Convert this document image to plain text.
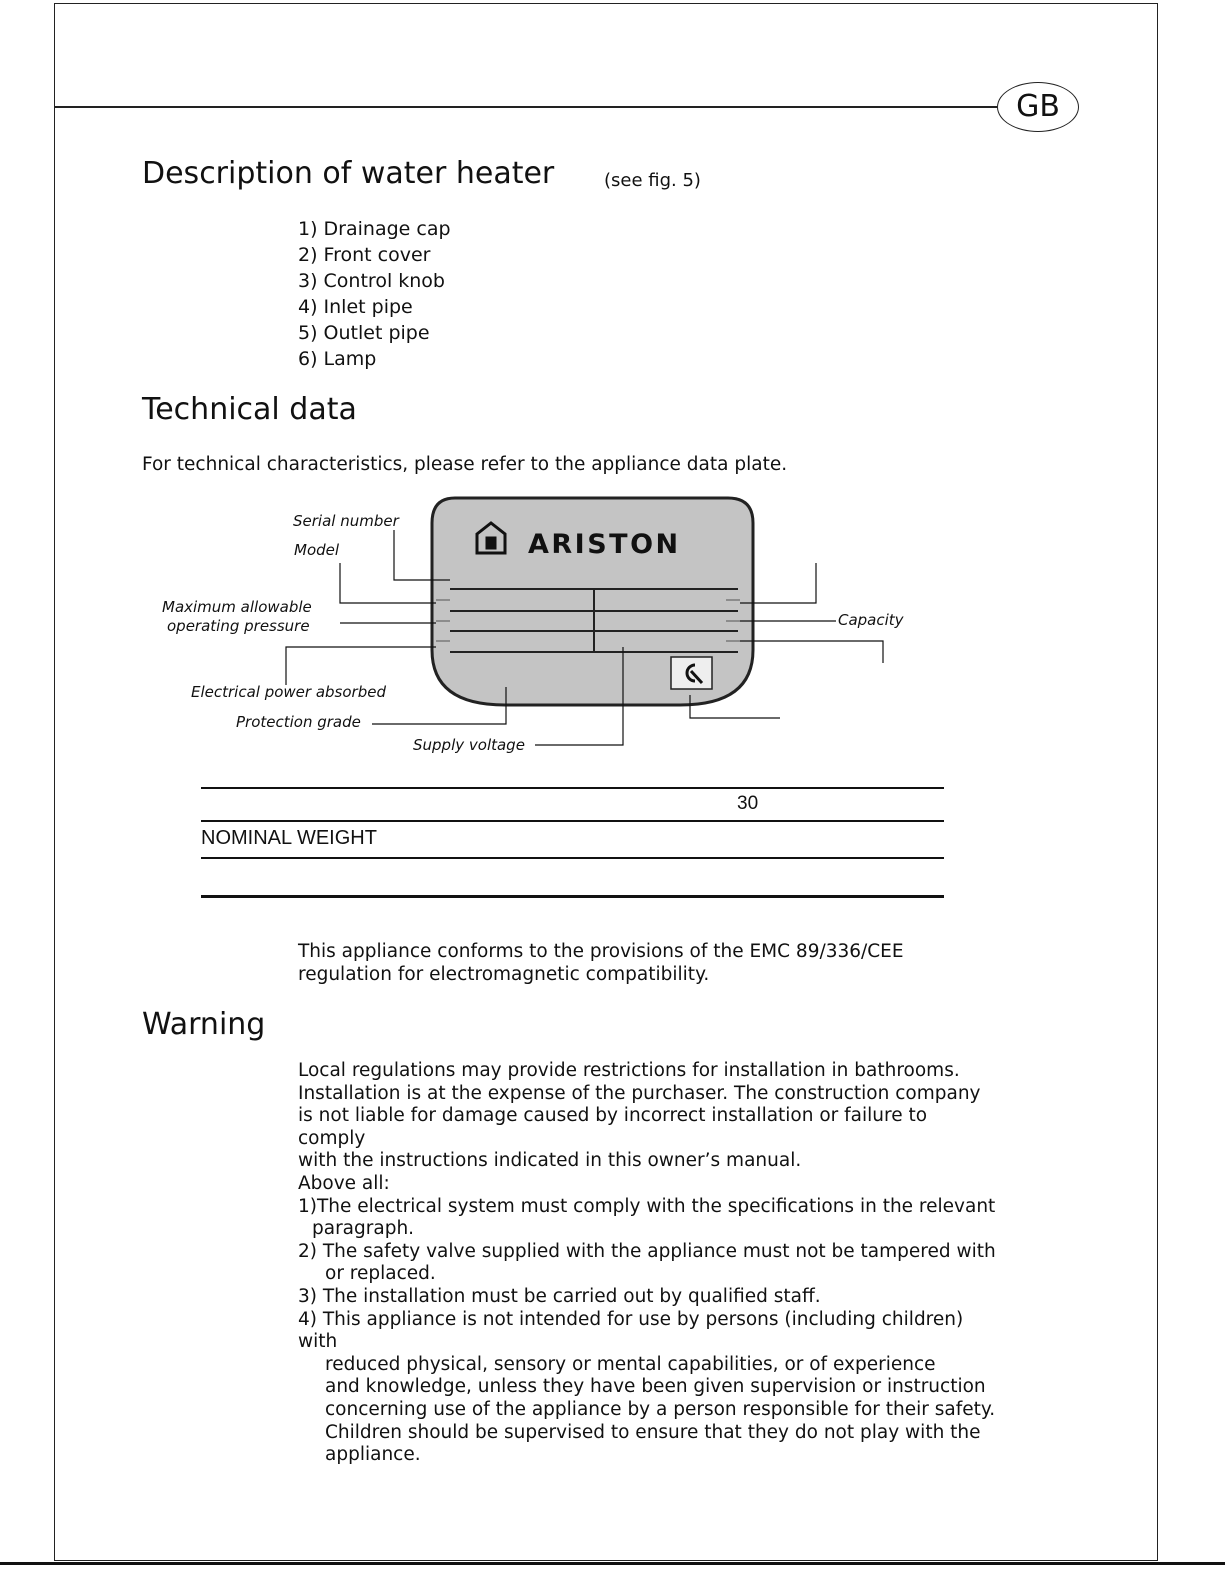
GB
Description of water heater	(see fig. 5)
1) Drainage cap
2) Front cover
3) Control knob
4) Inlet pipe
5) Outlet pipe
6) Lamp
Technical data
For technical characteristics, please refer to the appliance data plate.
ARISTON
Serial number
Model
Maximum allowable
operating pressure
Electrical power absorbed
Protection grade
Supply voltage
Capacity
30
NOMINAL WEIGHT
This appliance conforms to the provisions of the EMC 89/336/CEE regulation for electromagnetic compatibility.
Warning

Local regulations may provide restrictions for installation in bathrooms.

Installation is at the expense of the purchaser. The construction company

is not liable for damage caused by incorrect installation or failure to comply

with the instructions indicated in this owner’s manual.

Above all:

1)The electrical system must comply with the specifications in the relevant

paragraph.

2) The safety valve supplied with the appliance must not be tampered with

or replaced.

3) The installation must be carried out by qualified staff.

4) This appliance is not intended for use by persons (including children) with

reduced physical, sensory or mental capabilities, or of experience

and knowledge, unless they have been given supervision or instruction

concerning use of the appliance by a person responsible for their safety.

Children should be supervised to ensure that they do not play with the

appliance.
